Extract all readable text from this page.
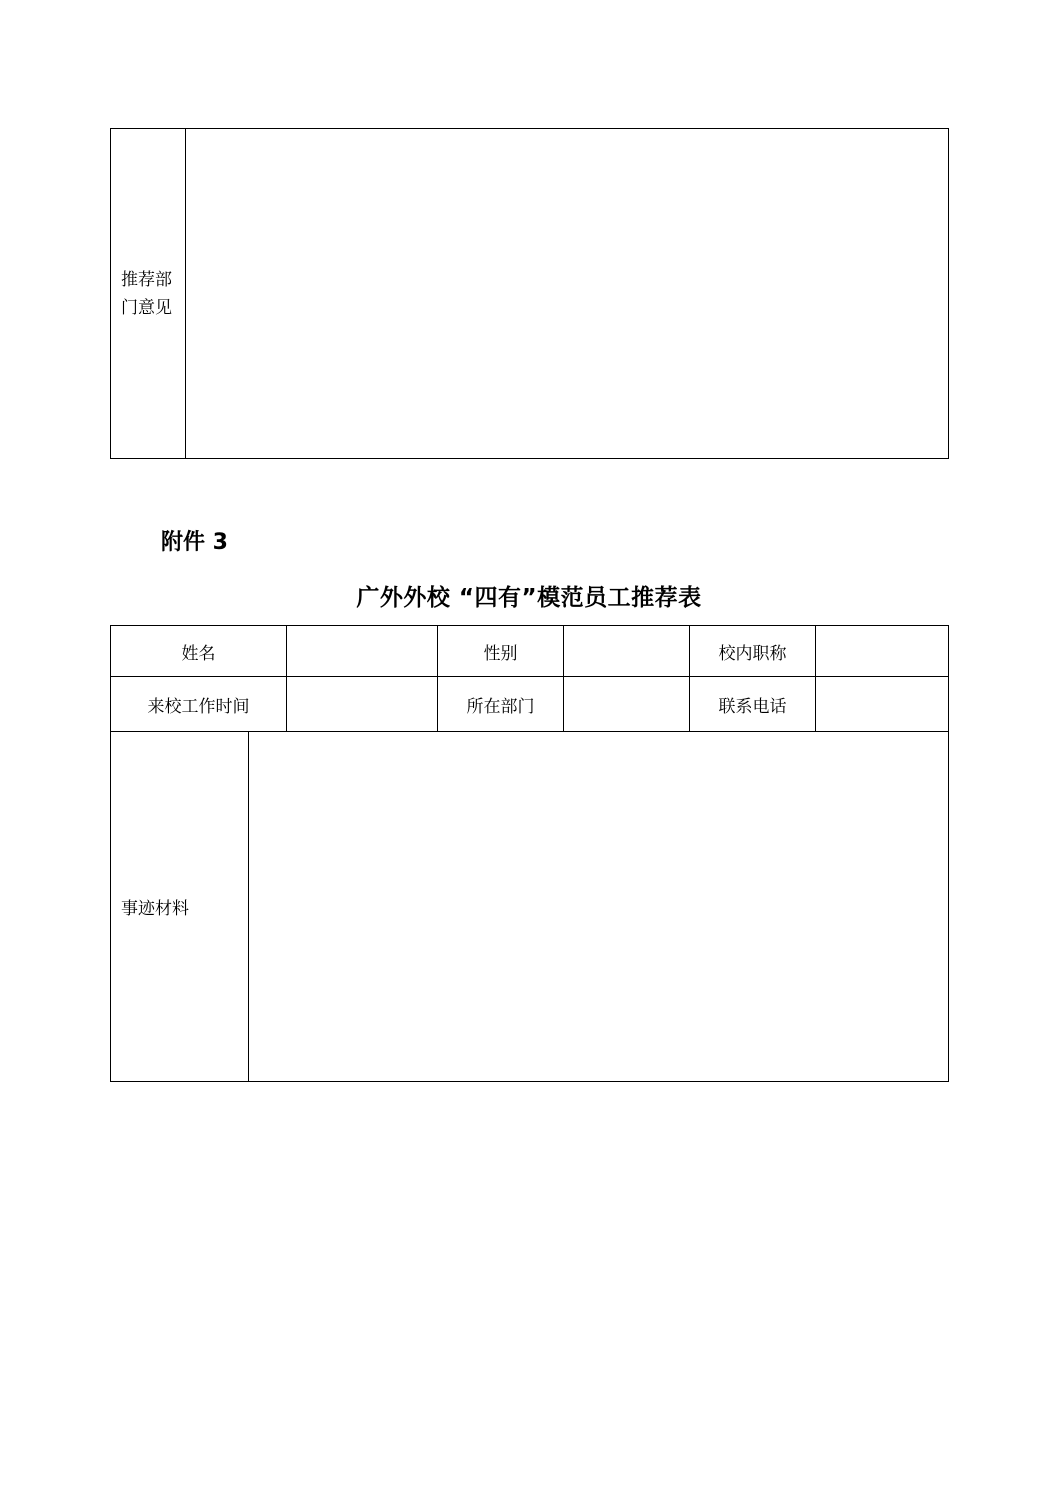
推荐部门意见
附件 3
广外外校 “四有”模范员工推荐表
姓名	性别	校内职称
来校工作时间	所在部门	联系电话
事迹材料
